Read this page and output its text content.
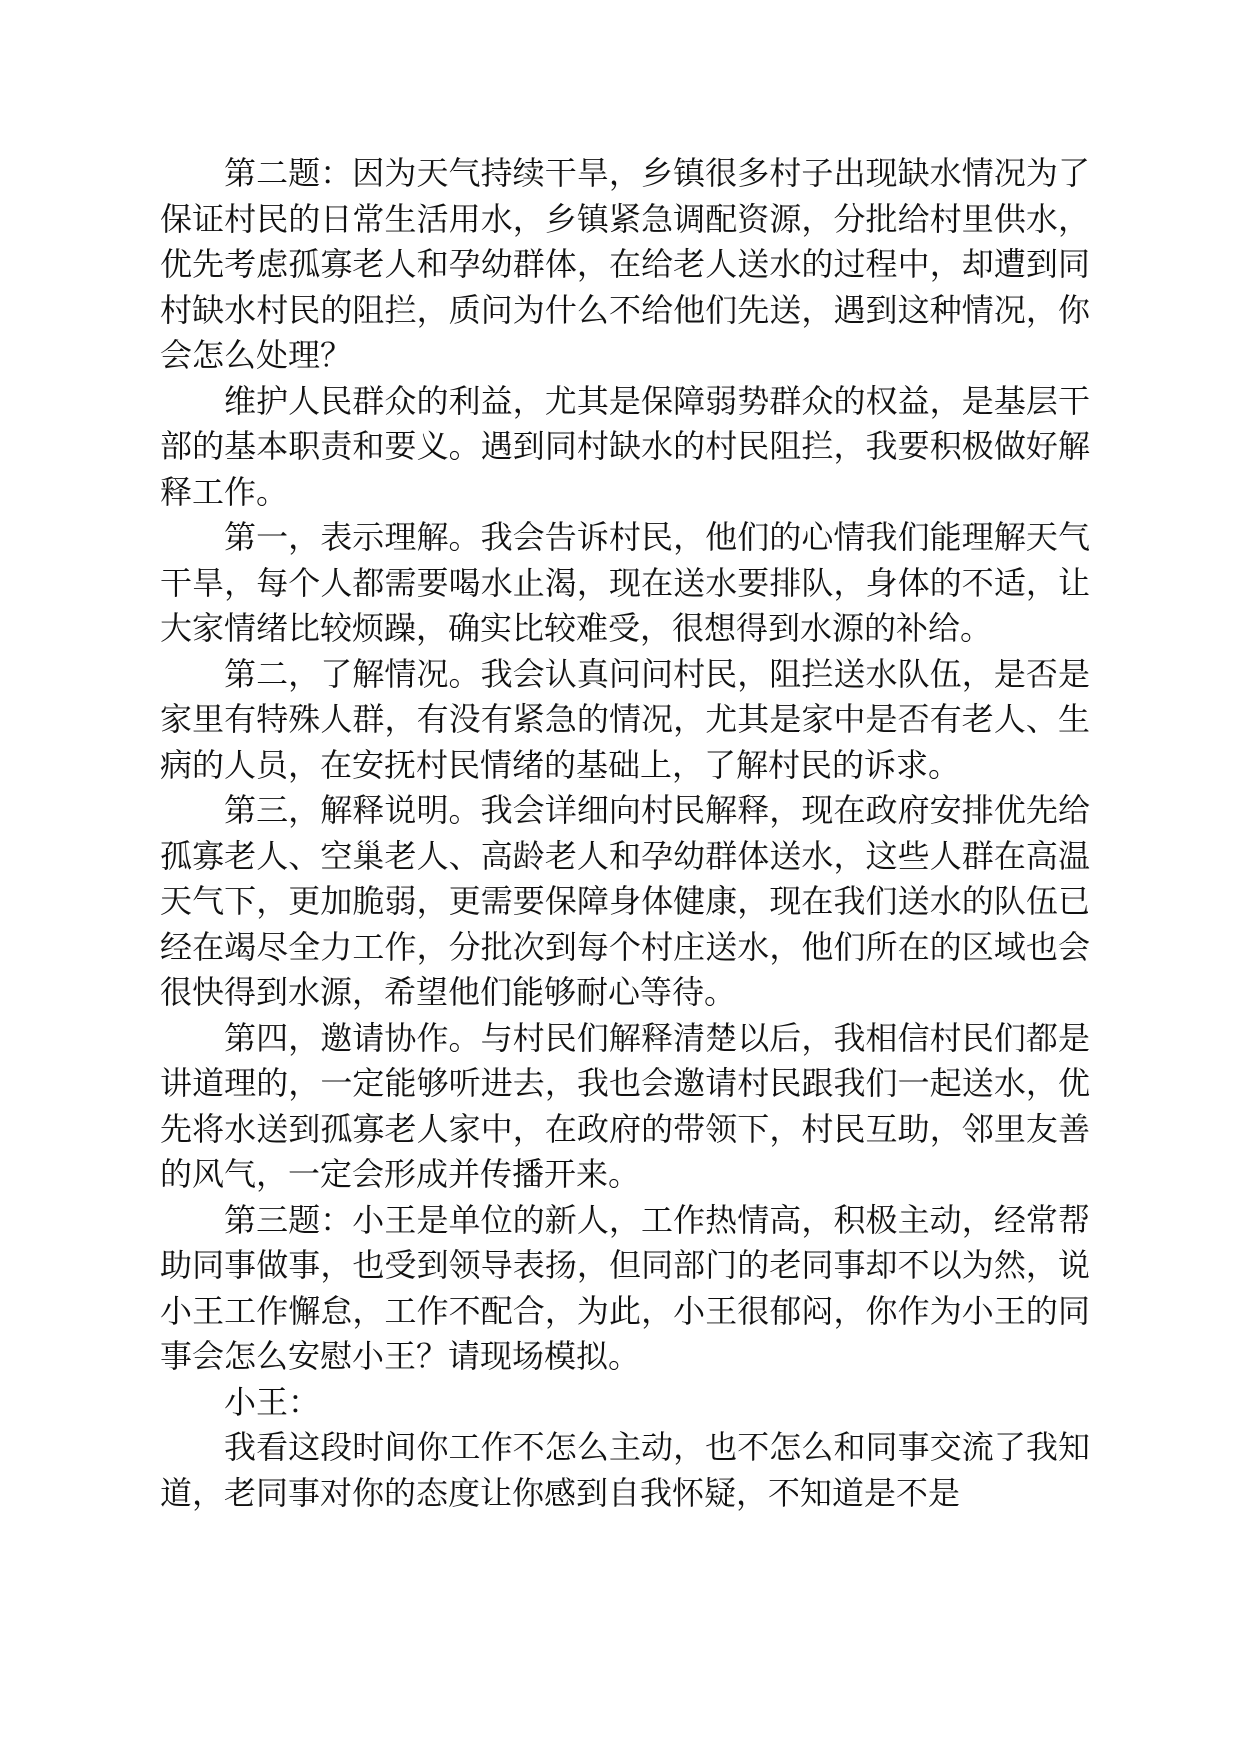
第二题：因为天气持续干旱，乡镇很多村子出现缺水情况为了保证村民的日常生活用水，乡镇紧急调配资源，分批给村里供水，优先考虑孤寡老人和孕幼群体，在给老人送水的过程中，却遭到同村缺水村民的阻拦，质问为什么不给他们先送，遇到这种情况，你会怎么处理？

维护人民群众的利益，尤其是保障弱势群众的权益，是基层干部的基本职责和要义。遇到同村缺水的村民阻拦，我要积极做好解释工作。

第一，表示理解。我会告诉村民，他们的心情我们能理解天气干旱，每个人都需要喝水止渴，现在送水要排队，身体的不适，让大家情绪比较烦躁，确实比较难受，很想得到水源的补给。

第二，了解情况。我会认真问问村民，阻拦送水队伍，是否是家里有特殊人群，有没有紧急的情况，尤其是家中是否有老人、生病的人员，在安抚村民情绪的基础上，了解村民的诉求。

第三，解释说明。我会详细向村民解释，现在政府安排优先给孤寡老人、空巢老人、高龄老人和孕幼群体送水，这些人群在高温天气下，更加脆弱，更需要保障身体健康，现在我们送水的队伍已经在竭尽全力工作，分批次到每个村庄送水，他们所在的区域也会很快得到水源，希望他们能够耐心等待。

第四，邀请协作。与村民们解释清楚以后，我相信村民们都是讲道理的，一定能够听进去，我也会邀请村民跟我们一起送水，优先将水送到孤寡老人家中，在政府的带领下，村民互助，邻里友善的风气，一定会形成并传播开来。

第三题：小王是单位的新人，工作热情高，积极主动，经常帮助同事做事，也受到领导表扬，但同部门的老同事却不以为然，说小王工作懈怠，工作不配合，为此，小王很郁闷，你作为小王的同事会怎么安慰小王？请现场模拟。

小王：

我看这段时间你工作不怎么主动，也不怎么和同事交流了我知道，老同事对你的态度让你感到自我怀疑，不知道是不是
